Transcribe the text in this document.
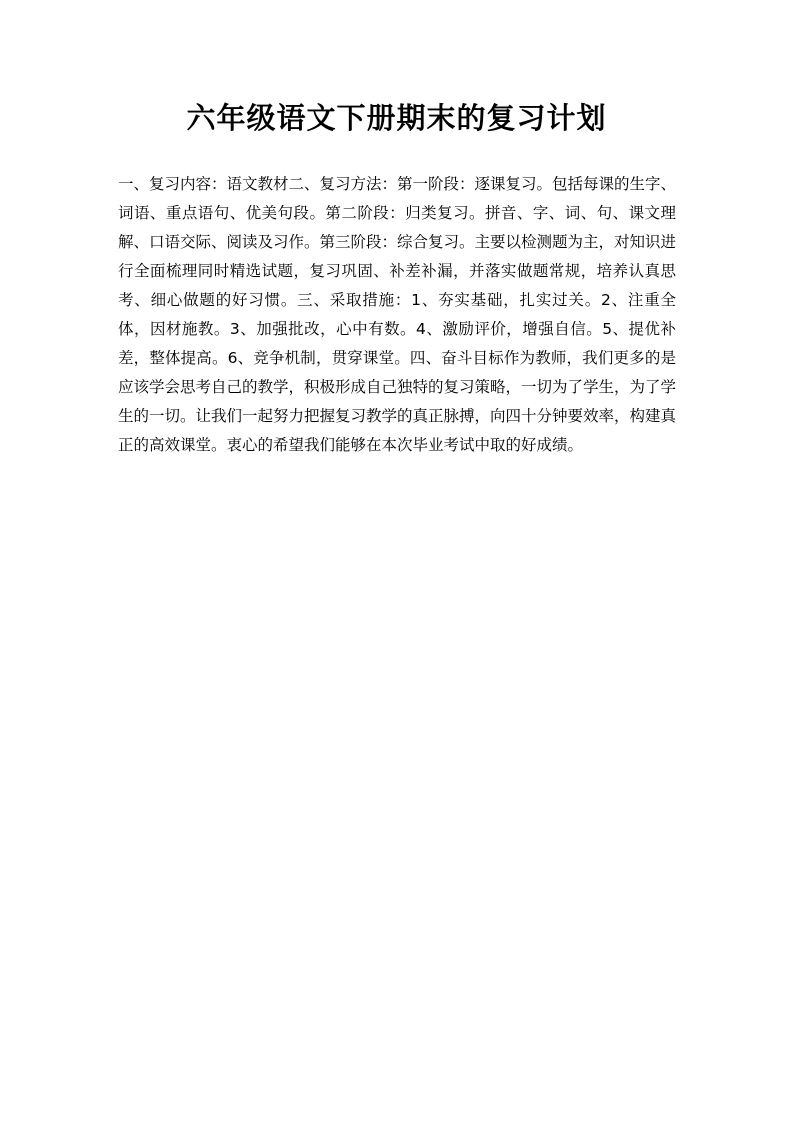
六年级语文下册期末的复习计划

一、复习内容：语文教材二、复习方法：第一阶段：逐课复习。包括每课的生字、词语、重点语句、优美句段。第二阶段：归类复习。拼音、字、词、句、课文理解、口语交际、阅读及习作。第三阶段：综合复习。主要以检测题为主，对知识进行全面梳理同时精选试题，复习巩固、补差补漏，并落实做题常规，培养认真思考、细心做题的好习惯。三、采取措施：1、夯实基础，扎实过关。2、注重全体，因材施教。3、加强批改，心中有数。4、激励评价，增强自信。5、提优补差，整体提高。6、竞争机制，贯穿课堂。四、奋斗目标作为教师，我们更多的是应该学会思考自己的教学，积极形成自己独特的复习策略，一切为了学生，为了学生的一切。让我们一起努力把握复习教学的真正脉搏，向四十分钟要效率，构建真正的高效课堂。衷心的希望我们能够在本次毕业考试中取的好成绩。
